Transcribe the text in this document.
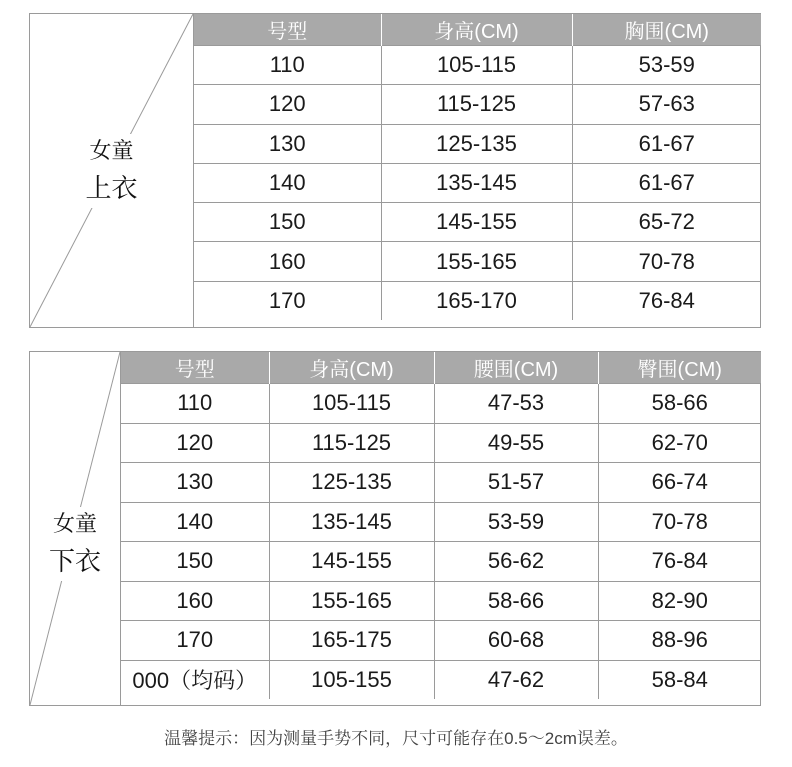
女童
上衣
号型	身高(CM)	胸围(CM)
110	105-115	53-59
120	115-125	57-63
130	125-135	61-67
140	135-145	61-67
150	145-155	65-72
160	155-165	70-78
170	165-170	76-84
女童
下衣
号型	身高(CM)	腰围(CM)	臀围(CM)
110	105-115	47-53	58-66
120	115-125	49-55	62-70
130	125-135	51-57	66-74
140	135-145	53-59	70-78
150	145-155	56-62	76-84
160	155-165	58-66	82-90
170	165-175	60-68	88-96
000（均码）	105-155	47-62	58-84
温馨提示：因为测量手势不同，尺寸可能存在0.5～2cm误差。
